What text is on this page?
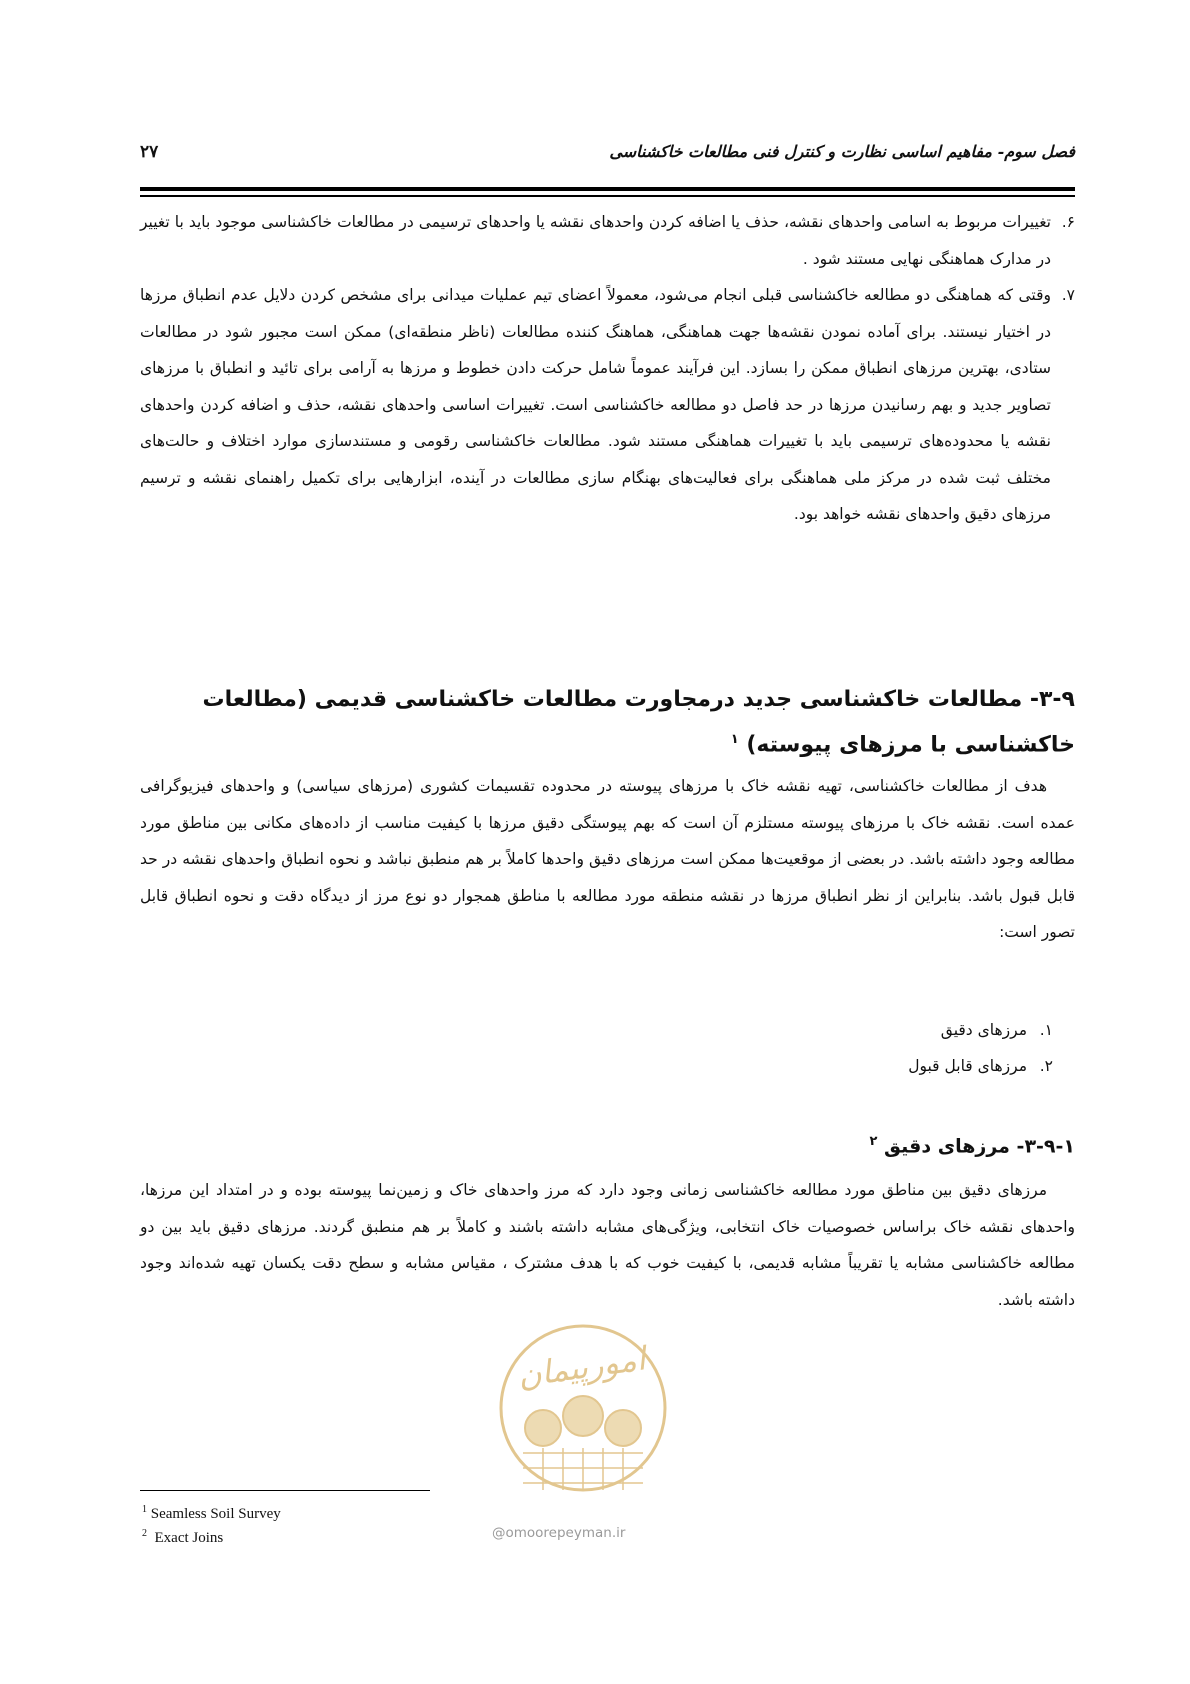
فصل سوم- مفاهیم اساسی نظارت و کنترل فنی مطالعات خاکشناسی
۲۷
۶.
تغییرات مربوط به اسامی واحدهای نقشه، حذف یا اضافه کردن واحدهای نقشه یا واحدهای ترسیمی در مطالعات خاکشناسی موجود باید با تغییر در مدارک هماهنگی نهایی مستند شود .
۷.
وقتی که هماهنگی دو مطالعه خاکشناسی قبلی انجام می‌شود، معمولاً اعضای تیم عملیات میدانی برای مشخص کردن دلایل عدم انطباق مرزها در اختیار نیستند. برای آماده نمودن نقشه‌ها جهت هماهنگی، هماهنگ کننده مطالعات (ناظر منطقه‌ای) ممکن است مجبور شود در مطالعات ستادی، بهترین مرزهای انطباق ممکن را بسازد. این فرآیند عموماً شامل حرکت دادن خطوط و مرزها به آرامی برای تائید و انطباق با مرزهای تصاویر جدید و بهم رسانیدن مرزها در حد فاصل دو مطالعه خاکشناسی است. تغییرات اساسی واحدهای نقشه، حذف و اضافه کردن واحدهای نقشه یا محدوده‌های ترسیمی باید با تغییرات هماهنگی مستند شود. مطالعات خاکشناسی رقومی و مستندسازی موارد اختلاف و حالت‌های مختلف ثبت شده در مرکز ملی هماهنگی برای فعالیت‌های بهنگام سازی مطالعات در آینده، ابزارهایی برای تکمیل راهنمای نقشه و ترسیم مرزهای دقیق واحدهای نقشه خواهد بود.
۳-۹- مطالعات خاکشناسی جدید درمجاورت مطالعات خاکشناسی قدیمی (مطالعات خاکشناسی با مرزهای پیوسته) $^۱$
هدف از مطالعات خاکشناسی، تهیه نقشه خاک با مرزهای پیوسته در محدوده تقسیمات کشوری (مرزهای سیاسی) و واحدهای فیزیوگرافی عمده است. نقشه خاک با مرزهای پیوسته مستلزم آن است که بهم پیوستگی دقیق مرزها با کیفیت مناسب از داده‌های مکانی بین مناطق مورد مطالعه وجود داشته باشد. در بعضی از موقعیت‌ها ممکن است مرزهای دقیق واحدها کاملاً بر هم منطبق نباشد و نحوه انطباق واحدهای نقشه در حد قابل قبول باشد. بنابراین از نظر انطباق مرزها در نقشه منطقه مورد مطالعه با مناطق همجوار دو نوع مرز از دیدگاه دقت و نحوه انطباق قابل تصور است:
۱.
مرزهای دقیق
۲.
مرزهای قابل قبول
۳-۹-۱- مرزهای دقیق $^۲$
مرزهای دقیق بین مناطق مورد مطالعه خاکشناسی زمانی وجود دارد که مرز واحدهای خاک و زمین‌نما پیوسته بوده و در امتداد این مرزها، واحدهای نقشه خاک براساس خصوصیات خاک انتخابی، ویژگی‌های مشابه داشته باشند و کاملاً بر هم منطبق گردند. مرزهای دقیق باید بین دو مطالعه خاکشناسی مشابه یا تقریباً مشابه قدیمی، با کیفیت خوب که با هدف مشترک ، مقیاس مشابه و سطح دقت یکسان تهیه شده‌اند وجود داشته باشد.
امورپیمان
@omoorepeyman.ir
$^1$ Seamless Soil Survey
$^2$ Exact Joins
